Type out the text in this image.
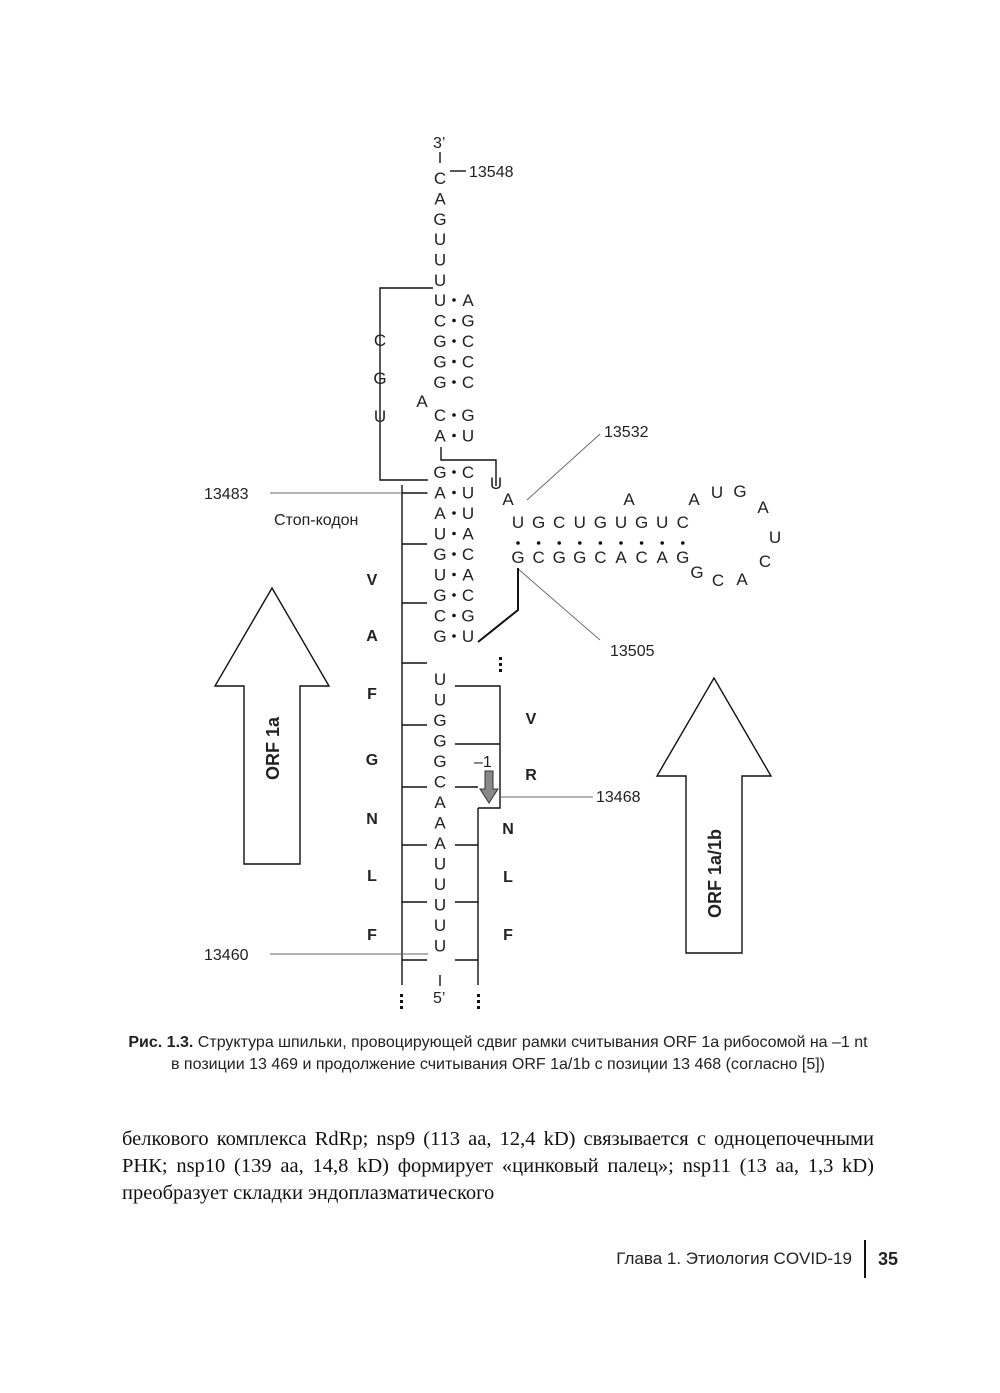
3’
13548
13532
13505
13483
13468
13460
Стоп-кодон
–1
5’
ORF 1a
ORF 1a/1b
C
A
G
U
U
U
C
G
U
U
C
G
G
G
A
G
C
C
C
A
C
A
G
U
G
A
A
U
G
U
G
C
G
C
U
U
A
C
A
C
G
U
U
U
G
G
G
C
A
A
A
U
U
U
U
U
U
A
U G C U G U G U C
G C G G C A C A G
A	A U G
A
U
C
A
C
G
V
A
F
G
N
L
F
V
R
N
L
F
Рис. 1.3. Структура шпильки, провоцирующей сдвиг рамки считывания ORF 1a рибосомой на –1 nt в позиции 13 469 и продолжение считывания ORF 1a/1b с позиции 13 468 (согласно [5])
белкового комплекса RdRp; nsp9 (113 aa, 12,4 kD) связывается с одноцепочечными РНК; nsp10 (139 aa, 14,8 kD) формирует «цинковый палец»; nsp11 (13 aa, 1,3 kD) преобразует складки эндоплазматического
Глава 1. Этиология COVID-19	35
